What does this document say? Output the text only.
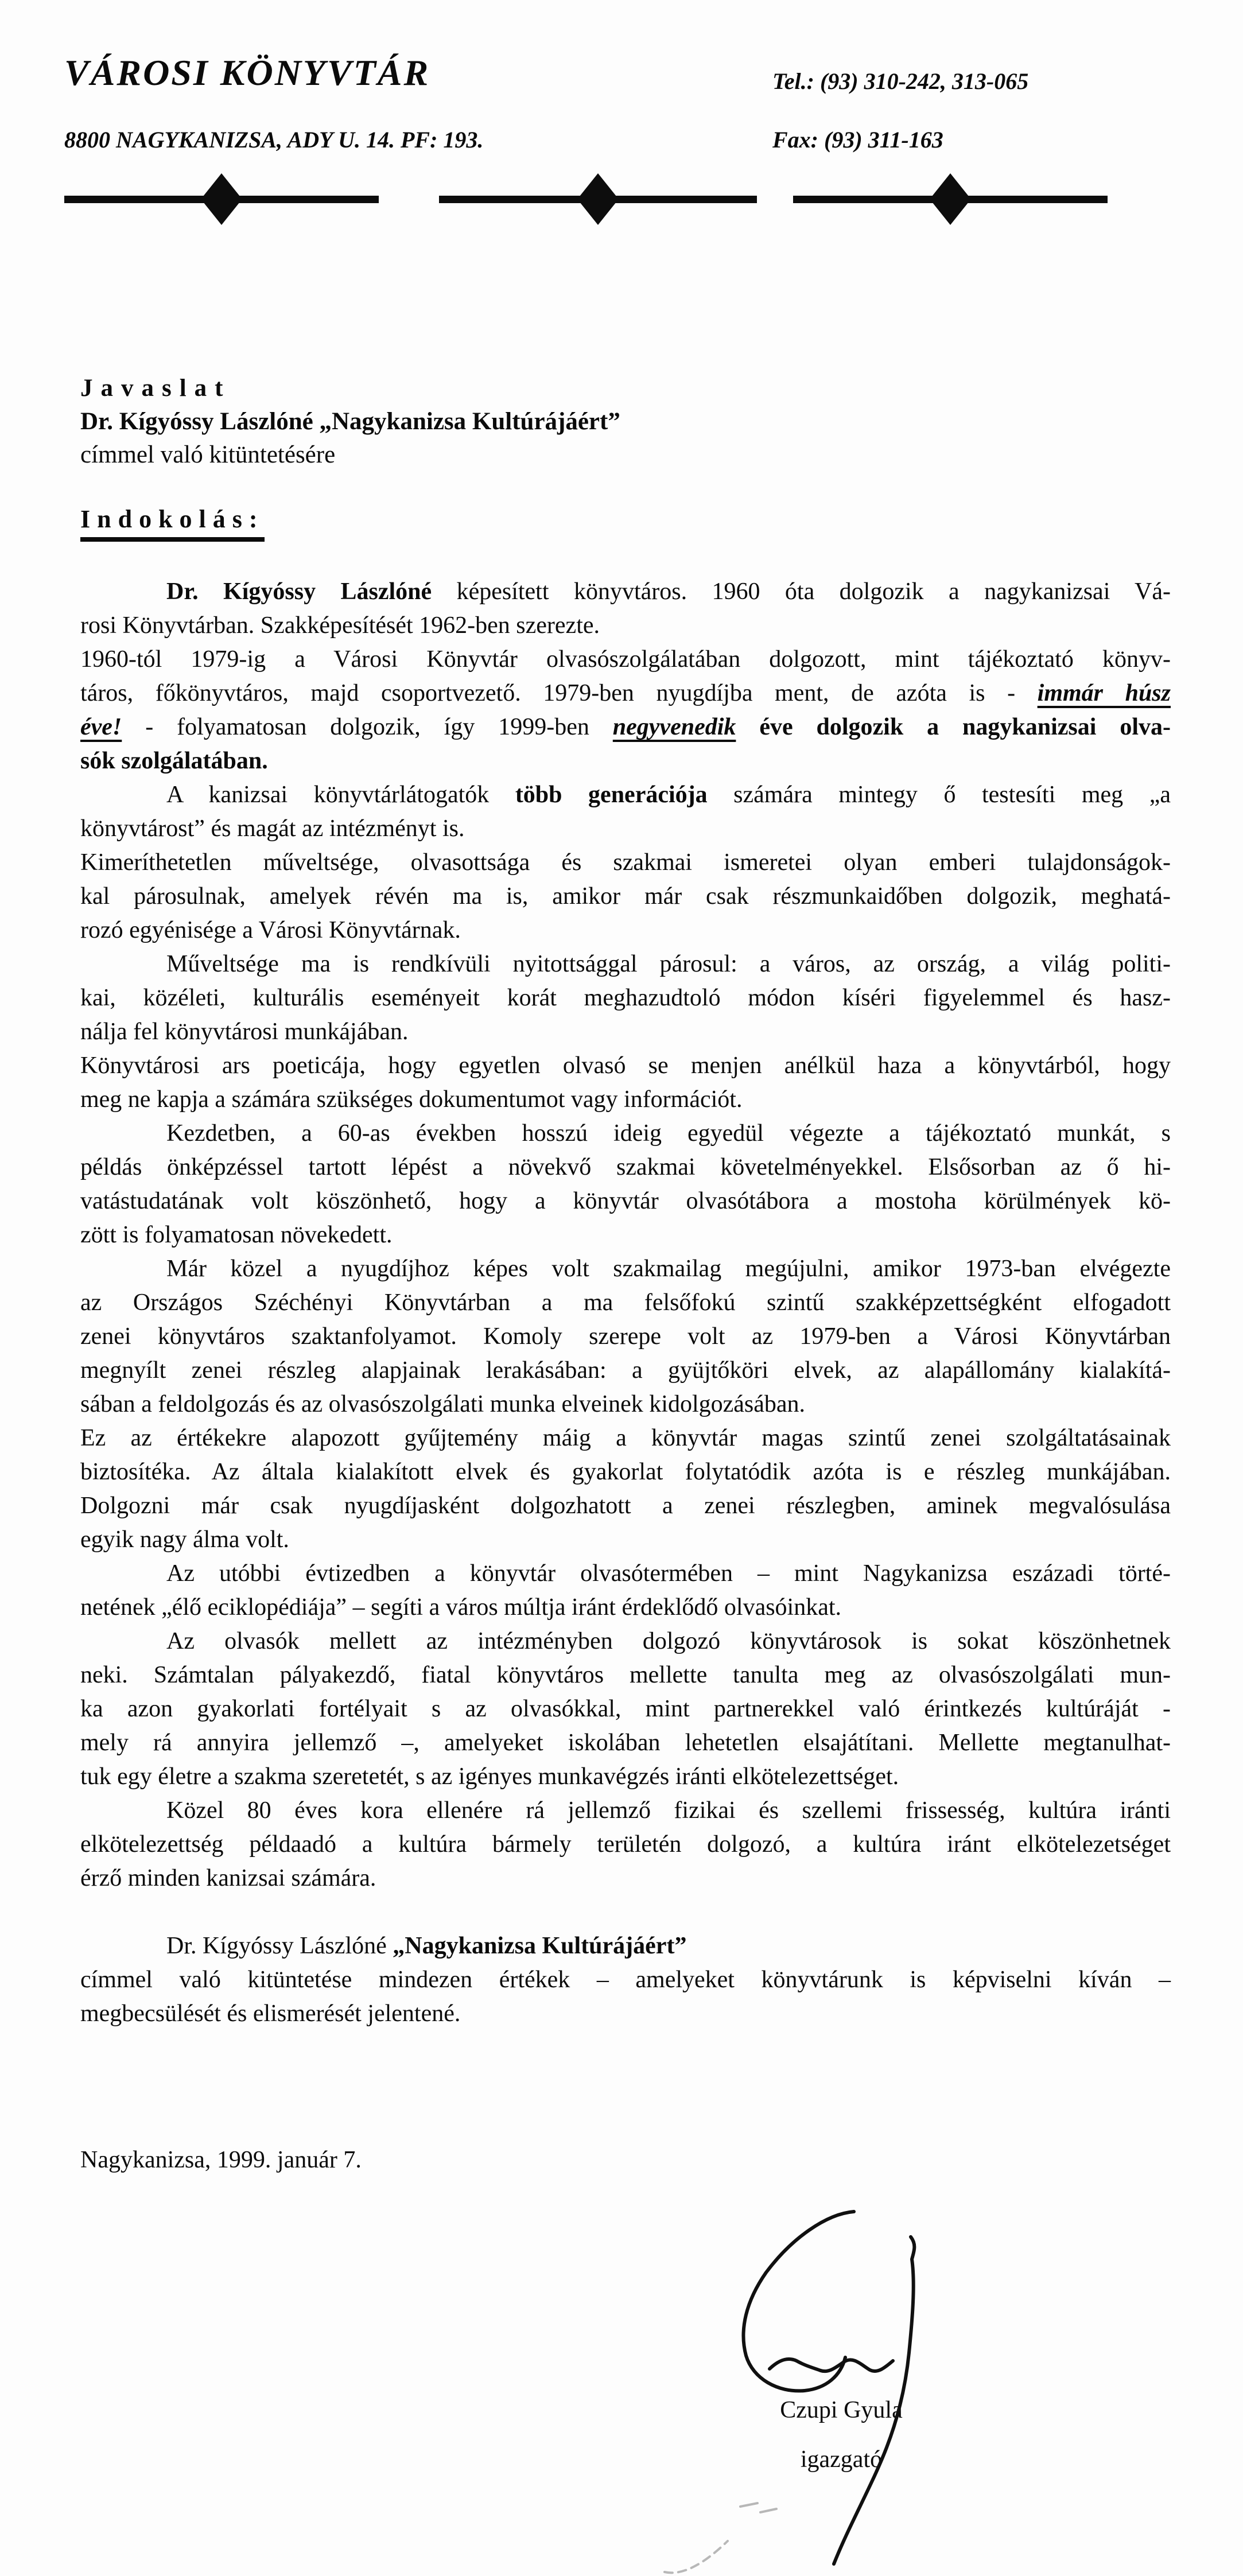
VÁROSI KÖNYVTÁR	Tel.: (93) 310-242, 313-065
8800 NAGYKANIZSA, ADY U. 14. PF: 193.	Fax: (93) 311-163
Javaslat
Dr. Kígyóssy Lászlóné „Nagykanizsa Kultúrájáért”
címmel való kitüntetésére
Indokolás:
Dr. Kígyóssy Lászlóné képesített könyvtáros. 1960 óta dolgozik a nagykanizsai Vá-
rosi Könyvtárban. Szakképesítését 1962-ben szerezte.
1960-tól 1979-ig a Városi Könyvtár olvasószolgálatában dolgozott, mint tájékoztató könyv-
táros, főkönyvtáros, majd csoportvezető. 1979-ben nyugdíjba ment, de azóta is - immár húsz
éve! - folyamatosan dolgozik, így 1999-ben negyvenedik éve dolgozik a nagykanizsai olva-
sók szolgálatában.
A kanizsai könyvtárlátogatók több generációja számára mintegy ő testesíti meg „a
könyvtárost” és magát az intézményt is.
Kimeríthetetlen műveltsége, olvasottsága és szakmai ismeretei olyan emberi tulajdonságok-
kal párosulnak, amelyek révén ma is, amikor már csak részmunkaidőben dolgozik, meghatá-
rozó egyénisége a Városi Könyvtárnak.
Műveltsége ma is rendkívüli nyitottsággal párosul: a város, az ország, a világ politi-
kai, közéleti, kulturális eseményeit korát meghazudtoló módon kíséri figyelemmel és hasz-
nálja fel könyvtárosi munkájában.
Könyvtárosi ars poeticája, hogy egyetlen olvasó se menjen anélkül haza a könyvtárból, hogy
meg ne kapja a számára szükséges dokumentumot vagy információt.
Kezdetben, a 60-as években hosszú ideig egyedül végezte a tájékoztató munkát, s
példás önképzéssel tartott lépést a növekvő szakmai követelményekkel. Elsősorban az ő hi-
vatástudatának volt köszönhető, hogy a könyvtár olvasótábora a mostoha körülmények kö-
zött is folyamatosan növekedett.
Már közel a nyugdíjhoz képes volt szakmailag megújulni, amikor 1973-ban elvégezte
az Országos Széchényi Könyvtárban a ma felsőfokú szintű szakképzettségként elfogadott
zenei könyvtáros szaktanfolyamot. Komoly szerepe volt az 1979-ben a Városi Könyvtárban
megnyílt zenei részleg alapjainak lerakásában: a gyüjtőköri elvek, az alapállomány kialakítá-
sában a feldolgozás és az olvasószolgálati munka elveinek kidolgozásában.
Ez az értékekre alapozott gyűjtemény máig a könyvtár magas szintű zenei szolgáltatásainak
biztosítéka. Az általa kialakított elvek és gyakorlat folytatódik azóta is e részleg munkájában.
Dolgozni már csak nyugdíjasként dolgozhatott a zenei részlegben, aminek megvalósulása
egyik nagy álma volt.
Az utóbbi évtizedben a könyvtár olvasótermében – mint Nagykanizsa eszázadi törté-
netének „élő eciklopédiája” – segíti a város múltja iránt érdeklődő olvasóinkat.
Az olvasók mellett az intézményben dolgozó könyvtárosok is sokat köszönhetnek
neki. Számtalan pályakezdő, fiatal könyvtáros mellette tanulta meg az olvasószolgálati mun-
ka azon gyakorlati fortélyait s az olvasókkal, mint partnerekkel való érintkezés kultúráját -
mely rá annyira jellemző –, amelyeket iskolában lehetetlen elsajátítani. Mellette megtanulhat-
tuk egy életre a szakma szeretetét, s az igényes munkavégzés iránti elkötelezettséget.
Közel 80 éves kora ellenére rá jellemző fizikai és szellemi frissesség, kultúra iránti
elkötelezettség példaadó a kultúra bármely területén dolgozó, a kultúra iránt elkötelezetséget
érző minden kanizsai számára.
Dr. Kígyóssy Lászlóné „Nagykanizsa Kultúrájáért”
címmel való kitüntetése mindezen értékek – amelyeket könyvtárunk is képviselni kíván –
megbecsülését és elismerését jelentené.
Nagykanizsa, 1999. január 7.
Czupi Gyula
igazgató
